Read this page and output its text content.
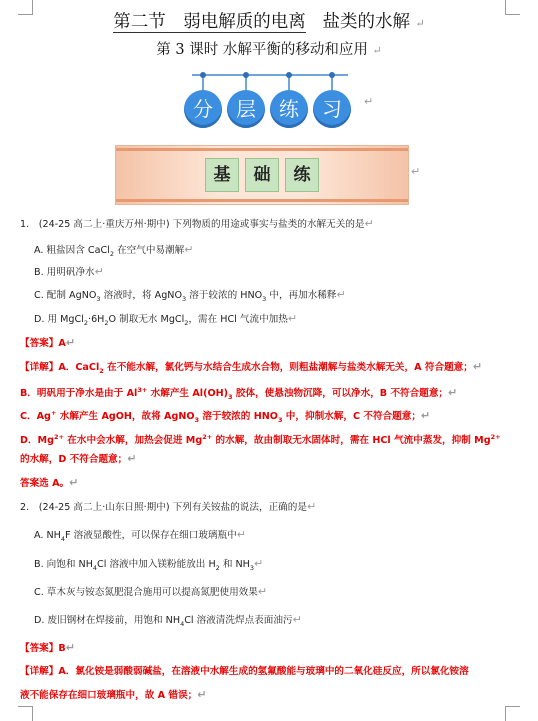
第二节　弱电解质的电离 盐类的水解 ↵
第 3 课时 水解平衡的移动和应用 ↵
分	层	练	习	↵
基	础	练	↵
1.　(24-25 高二上·重庆万州·期中) 下列物质的用途或事实与盐类的水解无关的是↵
A. 粗盐因含 CaCl$_2$ 在空气中易潮解↵
B. 用明矾净水↵
C. 配制 AgNO$_3$ 溶液时，将 AgNO$_3$ 溶于较浓的 $HNO_3$ 中，再加水稀释↵
D. 用 $MgCl_2\cdot 6H_2O$ 制取无水 MgCl$_2$，需在 HCl 气流中加热↵
【答案】A↵
【详解】A．CaCl$_2$ 在不能水解，氯化钙与水结合生成水合物，则粗盐潮解与盐类水解无关，A 符合题意；↵
B．明矾用于净水是由于 $Al^{3+}$ 水解产生 $Al(OH)_3$ 胶体，使悬浊物沉降，可以净水，B 不符合题意；↵
C．Ag+ 水解产生 AgOH，故将 AgNO$_3$ 溶于较浓的 $HNO_3$ 中，抑制水解，C 不符合题意；↵
D．$Mg^{2+}$ 在水中会水解，加热会促进 $Mg^{2+}$ 的水解，故由制取无水固体时，需在 HCl 气流中蒸发，抑制 $Mg^{2+}$
的水解，D 不符合题意；↵
答案选 A。↵
2.　(24-25 高二上·山东日照·期中) 下列有关铵盐的说法，正确的是↵
A. $NH_4F$ 溶液显酸性，可以保存在细口玻璃瓶中↵
B. 向饱和 $NH_4Cl$ 溶液中加入镁粉能放出 $H_2$ 和 $NH_3↵$
C. 草木灰与铵态氮肥混合施用可以提高氮肥使用效果↵
D. 废旧钢材在焊接前，用饱和 $NH_4Cl$ 溶液清洗焊点表面油污↵
【答案】B↵
【详解】A．氯化铵是弱酸弱碱盐，在溶液中水解生成的氢氟酸能与玻璃中的二氧化硅反应，所以氯化铵溶
液不能保存在细口玻璃瓶中，故 A 错误；↵
